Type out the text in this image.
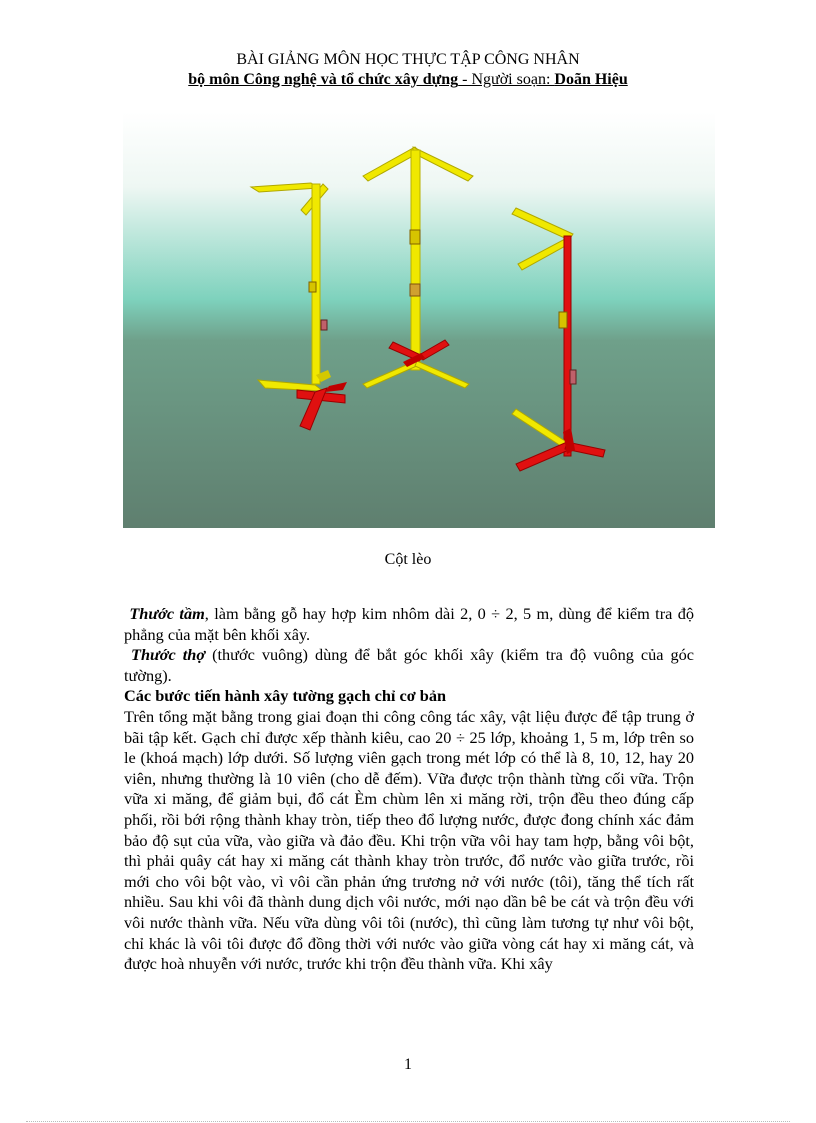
BÀI GIẢNG MÔN HỌC THỰC TẬP CÔNG NHÂN
bộ môn Công nghệ và tổ chức xây dựng - Người soạn: Doãn Hiệu
Cột lèo

Thước tầm, làm bằng gỗ hay hợp kim nhôm dài 2, 0 ÷ 2, 5 m, dùng để kiểm tra độ phẳng của mặt bên khối xây.

Thước thợ (thước vuông) dùng để bắt góc khối xây (kiểm tra độ vuông của góc tường).

Các bước tiến hành xây tường gạch chỉ cơ bản

Trên tổng mặt bằng trong giai đoạn thi công công tác xây, vật liệu được để tập trung ở bãi tập kết. Gạch chỉ được xếp thành kiêu, cao 20 ÷ 25 lớp, khoảng 1, 5 m, lớp trên so le (khoá mạch) lớp dưới. Số lượng viên gạch trong mét lớp có thể là 8, 10, 12, hay 20 viên, nhưng thường là 10 viên (cho dễ đếm). Vữa được trộn thành từng cối vữa. Trộn vữa xi măng, để giảm bụi, đổ cát Èm chùm lên xi măng rời, trộn đều theo đúng cấp phối, rồi bới rộng thành khay tròn, tiếp theo đổ lượng nước, được đong chính xác đảm bảo độ sụt của vữa, vào giữa và đảo đều. Khi trộn vữa vôi hay tam hợp, bằng vôi bột, thì phải quây cát hay xi măng cát thành khay tròn trước, đổ nước vào giữa trước, rồi mới cho vôi bột vào, vì vôi cần phản ứng trương nở với nước (tôi), tăng thể tích rất nhiều. Sau khi vôi đã thành dung dịch vôi nước, mới nạo dần bê be cát và trộn đều với vôi nước thành vữa. Nếu vữa dùng vôi tôi (nước), thì cũng làm tương tự như vôi bột, chỉ khác là vôi tôi được đổ đồng thời với nước vào giữa vòng cát hay xi măng cát, và được hoà nhuyễn với nước, trước khi trộn đều thành vữa. Khi xây

1
